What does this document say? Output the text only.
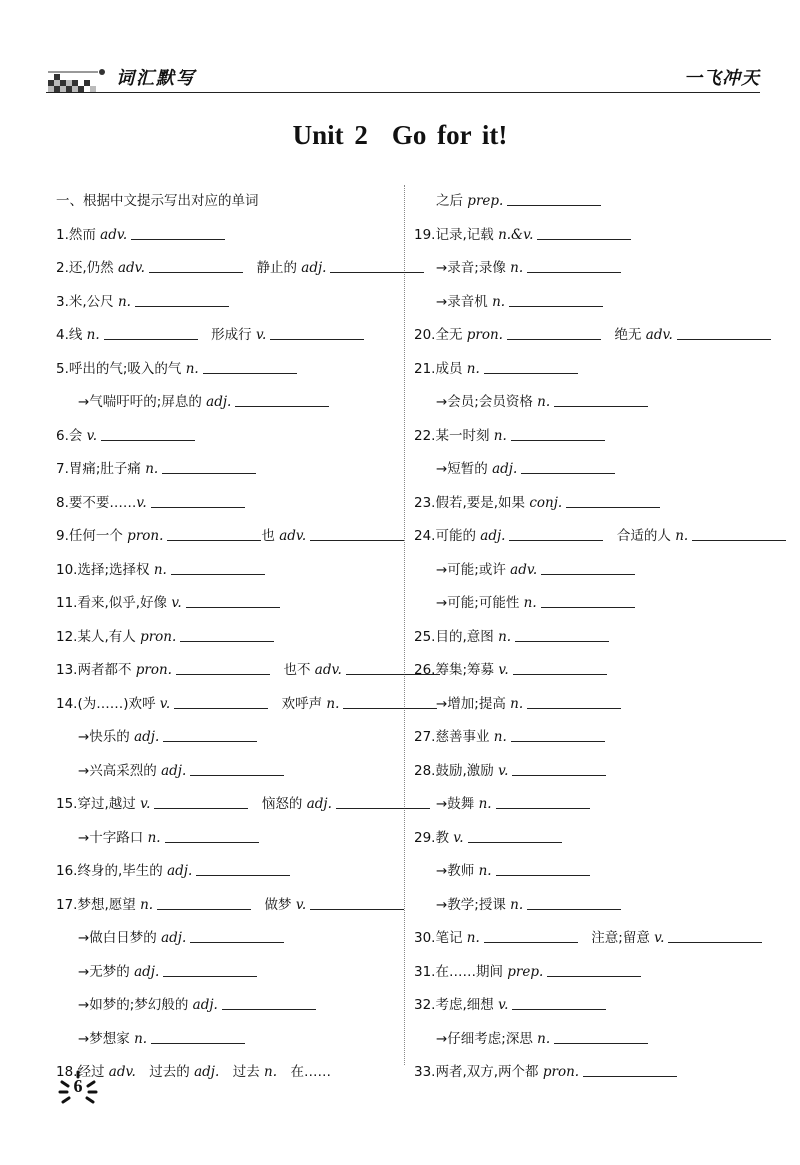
词汇默写	一飞冲天
Unit 2 Go for it!
一、根据中文提示写出对应的单词
1.然而 adv.
2.还,仍然 adv.	　静止的 adj.
3.米,公尺 n.
4.线 n.	　形成行 v.
5.呼出的气;吸入的气 n.
→气喘吁吁的;屏息的 adj.
6.会 v.
7.胃痛;肚子痛 n.
8.要不要……v.
9.任何一个 pron.	也 adv.
10.选择;选择权 n.
11.看来,似乎,好像 v.
12.某人,有人 pron.
13.两者都不 pron.	　也不 adv.
14.(为……)欢呼 v.	　欢呼声 n.
→快乐的 adj.
→兴高采烈的 adj.
15.穿过,越过 v.	　恼怒的 adj.
→十字路口 n.
16.终身的,毕生的 adj.
17.梦想,愿望 n.	　做梦 v.
→做白日梦的 adj.
→无梦的 adj.
→如梦的;梦幻般的 adj.
→梦想家 n.
18.经过 adv.　过去的 adj.　过去 n.　在……
之后 prep.
19.记录,记载 n.&v.
→录音;录像 n.
→录音机 n.
20.全无 pron.	　绝无 adv.
21.成员 n.
→会员;会员资格 n.
22.某一时刻 n.
→短暂的 adj.
23.假若,要是,如果 conj.
24.可能的 adj.	　合适的人 n.
→可能;或许 adv.
→可能;可能性 n.
25.目的,意图 n.
26.筹集;筹募 v.
→增加;提高 n.
27.慈善事业 n.
28.鼓励,激励 v.
→鼓舞 n.
29.教 v.
→教师 n.
→教学;授课 n.
30.笔记 n.	　注意;留意 v.
31.在……期间 prep.
32.考虑,细想 v.
→仔细考虑;深思 n.
33.两者,双方,两个都 pron.
6
